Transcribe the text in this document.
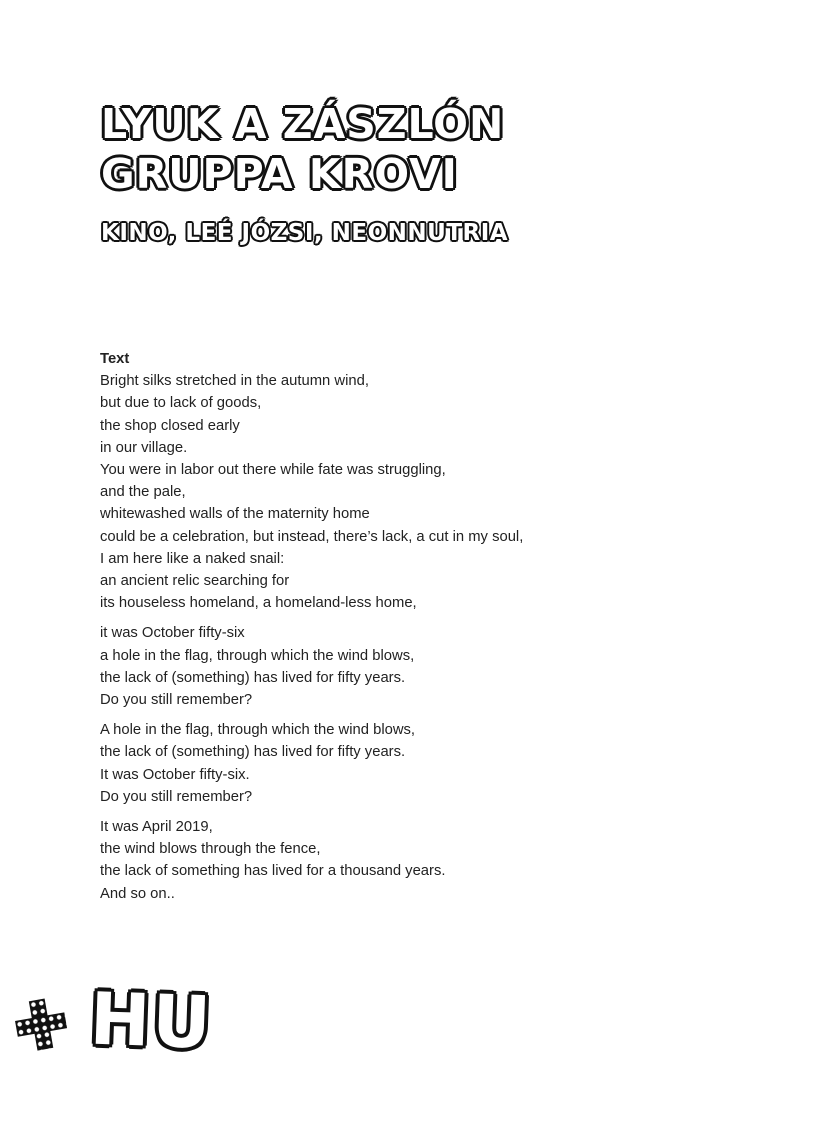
LYUK A ZÁSZLÓN
GRUPPA KROVI
KINO, LEÉ JÓZSI, NEONNUTRIA

Text

Bright silks stretched in the autumn wind,
but due to lack of goods,
the shop closed early
in our village.
You were in labor out there while fate was struggling,
and the pale,
whitewashed walls of the maternity home
could be a celebration, but instead, there’s lack, a cut in my soul,
I am here like a naked snail:
an ancient relic searching for
its houseless homeland, a homeland-less home,

it was October fifty-six
a hole in the flag, through which the wind blows,
the lack of (something) has lived for fifty years.
Do you still remember?

A hole in the flag, through which the wind blows,
the lack of (something) has lived for fifty years.
It was October fifty-six.
Do you still remember?

It was April 2019,
the wind blows through the fence,
the lack of something has lived for a thousand years.
And so on..

HU
